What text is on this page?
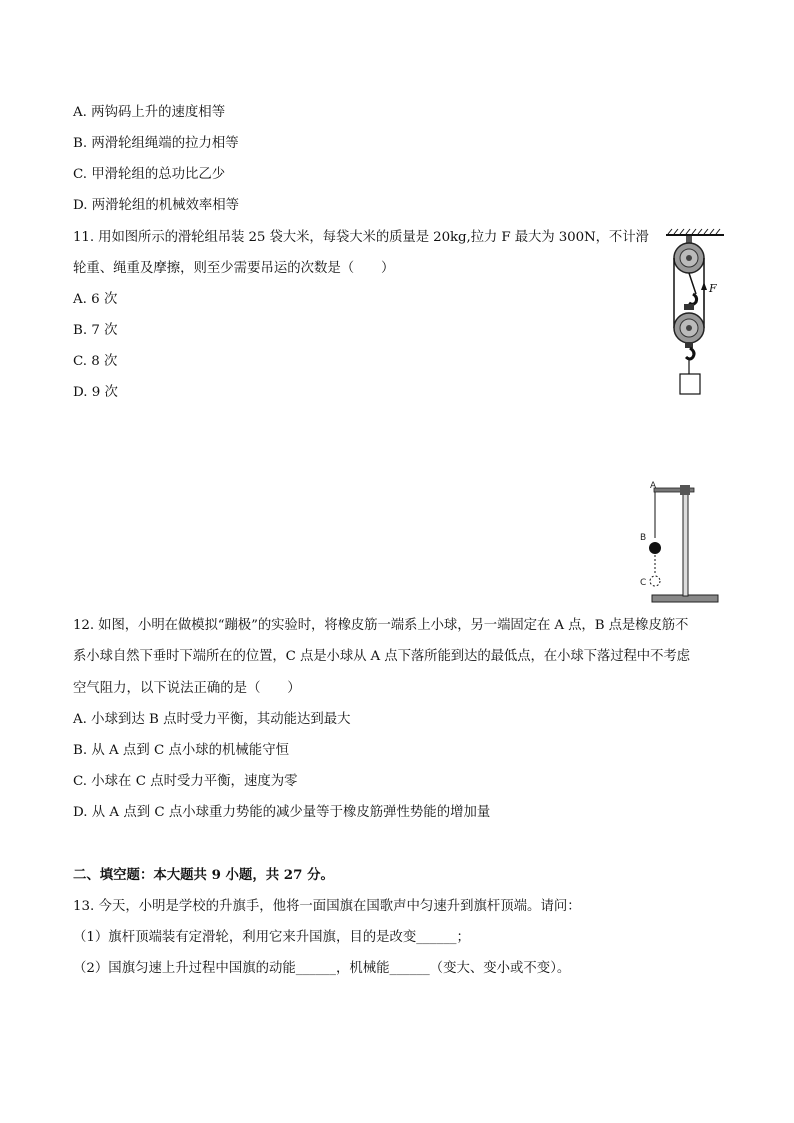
A. 两钩码上升的速度相等
B. 两滑轮组绳端的拉力相等
C. 甲滑轮组的总功比乙少
D. 两滑轮组的机械效率相等
11. 用如图所示的滑轮组吊装 25 袋大米，每袋大米的质量是 20kg,拉力 F 最大为 300N，不计滑
轮重、绳重及摩擦，则至少需要吊运的次数是（　　）
A. 6 次
B. 7 次
C. 8 次
D. 9 次
F
A
B
C
12. 如图，小明在做模拟“蹦极”的实验时，将橡皮筋一端系上小球，另一端固定在 A 点，B 点是橡皮筋不
系小球自然下垂时下端所在的位置，C 点是小球从 A 点下落所能到达的最低点，在小球下落过程中不考虑
空气阻力，以下说法正确的是（　　）
A. 小球到达 B 点时受力平衡，其动能达到最大
B. 从 A 点到 C 点小球的机械能守恒
C. 小球在 C 点时受力平衡，速度为零
D. 从 A 点到 C 点小球重力势能的减少量等于橡皮筋弹性势能的增加量
二、填空题：本大题共 9 小题，共 27 分。
13. 今天，小明是学校的升旗手，他将一面国旗在国歌声中匀速升到旗杆顶端。请问：
（1）旗杆顶端装有定滑轮，利用它来升国旗，目的是改变______；
（2）国旗匀速上升过程中国旗的动能______，机械能______（变大、变小或不变）。
